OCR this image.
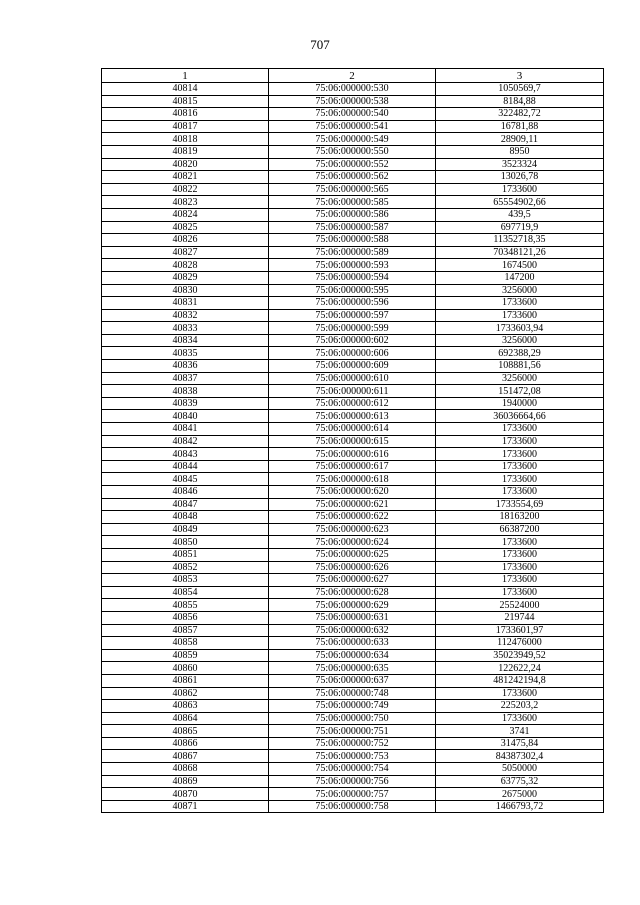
707
1	2	3
40814	75:06:000000:530	1050569,7
40815	75:06:000000:538	8184,88
40816	75:06:000000:540	322482,72
40817	75:06:000000:541	16781,88
40818	75:06:000000:549	28909,11
40819	75:06:000000:550	8950
40820	75:06:000000:552	3523324
40821	75:06:000000:562	13026,78
40822	75:06:000000:565	1733600
40823	75:06:000000:585	65554902,66
40824	75:06:000000:586	439,5
40825	75:06:000000:587	697719,9
40826	75:06:000000:588	11352718,35
40827	75:06:000000:589	70348121,26
40828	75:06:000000:593	1674500
40829	75:06:000000:594	147200
40830	75:06:000000:595	3256000
40831	75:06:000000:596	1733600
40832	75:06:000000:597	1733600
40833	75:06:000000:599	1733603,94
40834	75:06:000000:602	3256000
40835	75:06:000000:606	692388,29
40836	75:06:000000:609	108881,56
40837	75:06:000000:610	3256000
40838	75:06:000000:611	151472,08
40839	75:06:000000:612	1940000
40840	75:06:000000:613	36036664,66
40841	75:06:000000:614	1733600
40842	75:06:000000:615	1733600
40843	75:06:000000:616	1733600
40844	75:06:000000:617	1733600
40845	75:06:000000:618	1733600
40846	75:06:000000:620	1733600
40847	75:06:000000:621	1733554,69
40848	75:06:000000:622	18163200
40849	75:06:000000:623	66387200
40850	75:06:000000:624	1733600
40851	75:06:000000:625	1733600
40852	75:06:000000:626	1733600
40853	75:06:000000:627	1733600
40854	75:06:000000:628	1733600
40855	75:06:000000:629	25524000
40856	75:06:000000:631	219744
40857	75:06:000000:632	1733601,97
40858	75:06:000000:633	112476000
40859	75:06:000000:634	35023949,52
40860	75:06:000000:635	122622,24
40861	75:06:000000:637	481242194,8
40862	75:06:000000:748	1733600
40863	75:06:000000:749	225203,2
40864	75:06:000000:750	1733600
40865	75:06:000000:751	3741
40866	75:06:000000:752	31475,84
40867	75:06:000000:753	84387302,4
40868	75:06:000000:754	5050000
40869	75:06:000000:756	63775,32
40870	75:06:000000:757	2675000
40871	75:06:000000:758	1466793,72
